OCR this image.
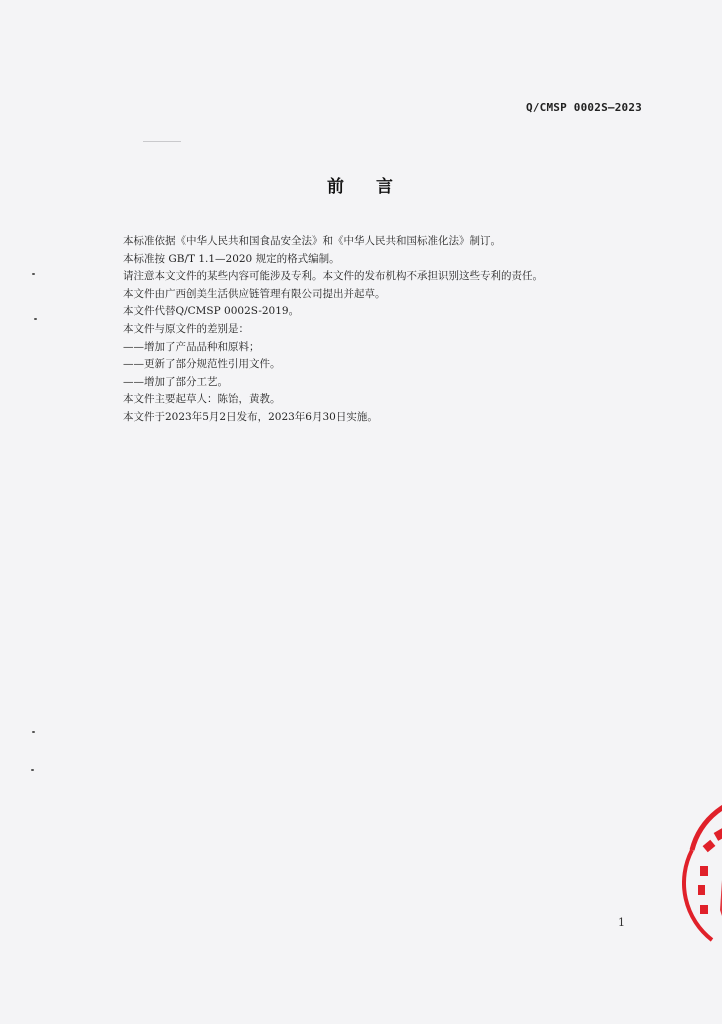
Q/CMSP 0002S—2023
前 言

本标准依据《中华人民共和国食品安全法》和《中华人民共和国标准化法》制订。

本标准按 GB/T 1.1—2020 规定的格式编制。

请注意本文文件的某些内容可能涉及专利。本文件的发布机构不承担识别这些专利的责任。

本文件由广西创美生活供应链管理有限公司提出并起草。

本文件代替Q/CMSP 0002S-2019。

本文件与原文件的差别是：

——增加了产品品种和原料；

——更新了部分规范性引用文件。

——增加了部分工艺。

本文件主要起草人：陈饴，黄教。

本文件于2023年5月2日发布，2023年6月30日实施。

1
